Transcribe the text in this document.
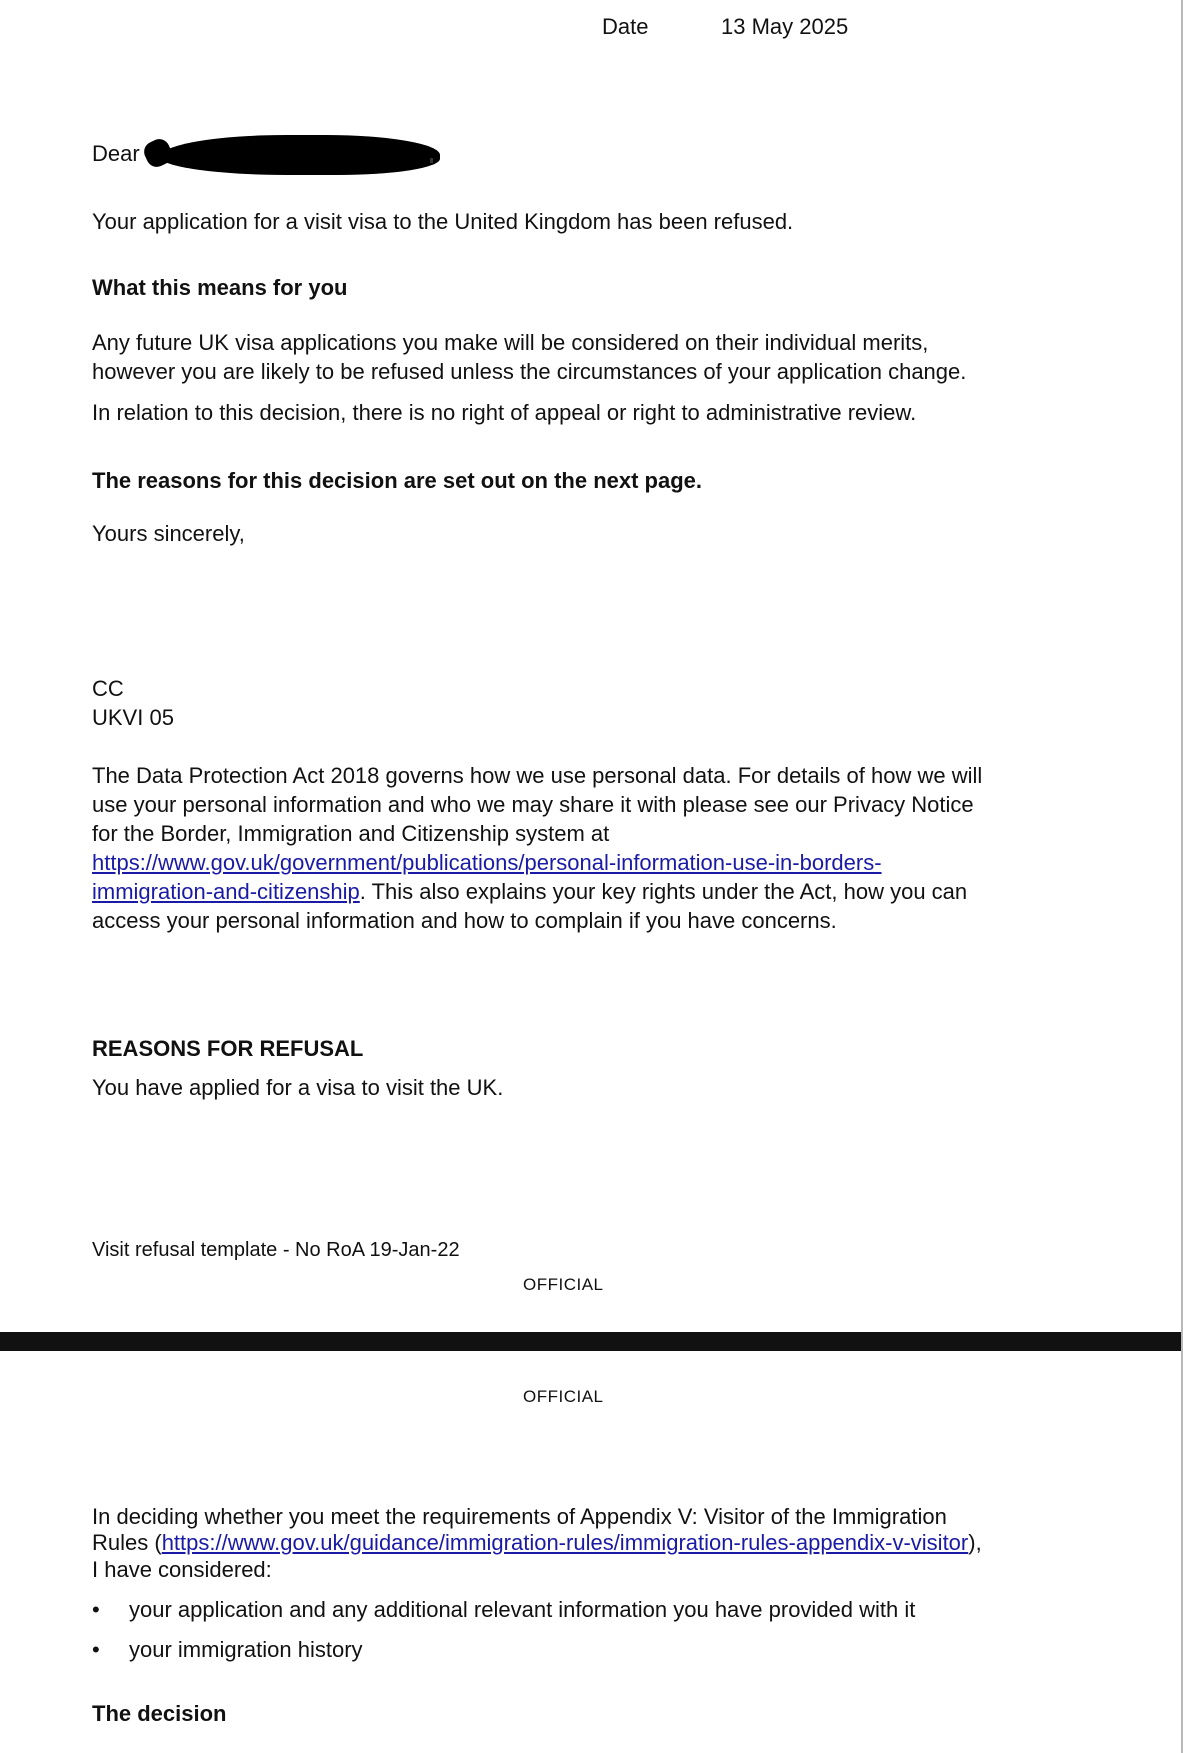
Date	13 May 2025
Dear
Your application for a visit visa to the United Kingdom has been refused.
What this means for you
Any future UK visa applications you make will be considered on their individual merits,
however you are likely to be refused unless the circumstances of your application change.
In relation to this decision, there is no right of appeal or right to administrative review.
The reasons for this decision are set out on the next page.
Yours sincerely,
CC
UKVI 05
The Data Protection Act 2018 governs how we use personal data. For details of how we will
use your personal information and who we may share it with please see our Privacy Notice
for the Border, Immigration and Citizenship system at
https://www.gov.uk/government/publications/personal-information-use-in-borders-
immigration-and-citizenship. This also explains your key rights under the Act, how you can
access your personal information and how to complain if you have concerns.
REASONS FOR REFUSAL
You have applied for a visa to visit the UK.
Visit refusal template - No RoA 19-Jan-22
OFFICIAL
OFFICIAL
In deciding whether you meet the requirements of Appendix V: Visitor of the Immigration
Rules (https://www.gov.uk/guidance/immigration-rules/immigration-rules-appendix-v-visitor),
I have considered:
• your application and any additional relevant information you have provided with it
• your immigration history
The decision
